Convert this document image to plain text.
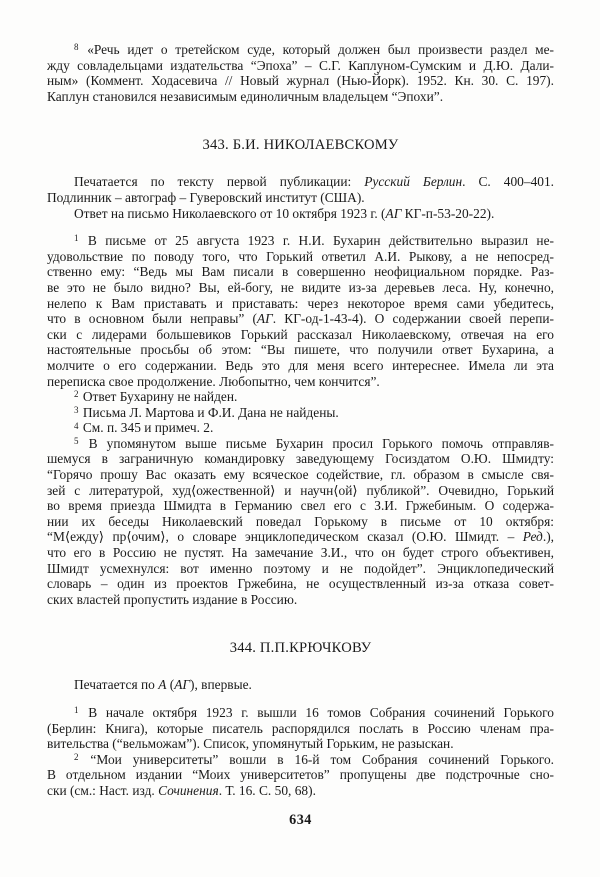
$^8$ «Речь идет о третейском суде, который должен был произвести раздел ме-
жду совладельцами издательства “Эпоха” – С.Г. Каплуном-Сумским и Д.Ю. Дали-
ным» (Коммент. Ходасевича // Новый журнал (Нью-Йорк). 1952. Кн. 30. С. 197).
Каплун становился независимым единоличным владельцем “Эпохи”.
343. Б.И. НИКОЛАЕВСКОМУ
Печатается по тексту первой публикации: Русский Берлин. С. 400–401.
Подлинник – автограф – Гуверовский институт (США).
Ответ на письмо Николаевского от 10 октября 1923 г. (АГ КГ-п-53-20-22).
$^1$ В письме от 25 августа 1923 г. Н.И. Бухарин действительно выразил не-
удовольствие по поводу того, что Горький ответил А.И. Рыкову, а не непосред-
ственно ему: “Ведь мы Вам писали в совершенно неофициальном порядке. Раз-
ве это не было видно? Вы, ей-богу, не видите из-за деревьев леса. Ну, конечно,
нелепо к Вам приставать и приставать: через некоторое время сами убедитесь,
что в основном были неправы” (АГ. КГ-од-1-43-4). О содержании своей перепи-
ски с лидерами большевиков Горький рассказал Николаевскому, отвечая на его
настоятельные просьбы об этом: “Вы пишете, что получили ответ Бухарина, а
молчите о его содержании. Ведь это для меня всего интереснее. Имела ли эта
переписка свое продолжение. Любопытно, чем кончится”.
$^2$ Ответ Бухарину не найден.
$^3$ Письма Л. Мартова и Ф.И. Дана не найдены.
$^4$ См. п. 345 и примеч. 2.
$^5$ В упомянутом выше письме Бухарин просил Горького помочь отправляв-
шемуся в заграничную командировку заведующему Госиздатом О.Ю. Шмидту:
“Горячо прошу Вас оказать ему всяческое содействие, гл. образом в смысле свя-
зей с литературой, худ⟨ожественной⟩ и научн⟨ой⟩ публикой”. Очевидно, Горький
во время приезда Шмидта в Германию свел его с З.И. Гржебиным. О содержа-
нии их беседы Николаевский поведал Горькому в письме от 10 октября:
“М⟨ежду⟩ пр⟨очим⟩, о словаре энциклопедическом сказал (О.Ю. Шмидт. – Ред.),
что его в Россию не пустят. На замечание З.И., что он будет строго объективен,
Шмидт усмехнулся: вот именно поэтому и не подойдет”. Энциклопедический
словарь – один из проектов Гржебина, не осуществленный из-за отказа совет-
ских властей пропустить издание в Россию.
344. П.П.КРЮЧКОВУ
Печатается по А (АГ), впервые.
$^1$ В начале октября 1923 г. вышли 16 томов Собрания сочинений Горького
(Берлин: Книга), которые писатель распорядился послать в Россию членам пра-
вительства (“вельможам”). Список, упомянутый Горьким, не разыскан.
$^2$ “Мои университеты” вошли в 16-й том Собрания сочинений Горького.
В отдельном издании “Моих университетов” пропущены две подстрочные сно-
ски (см.: Наст. изд. Сочинения. Т. 16. С. 50, 68).
634
